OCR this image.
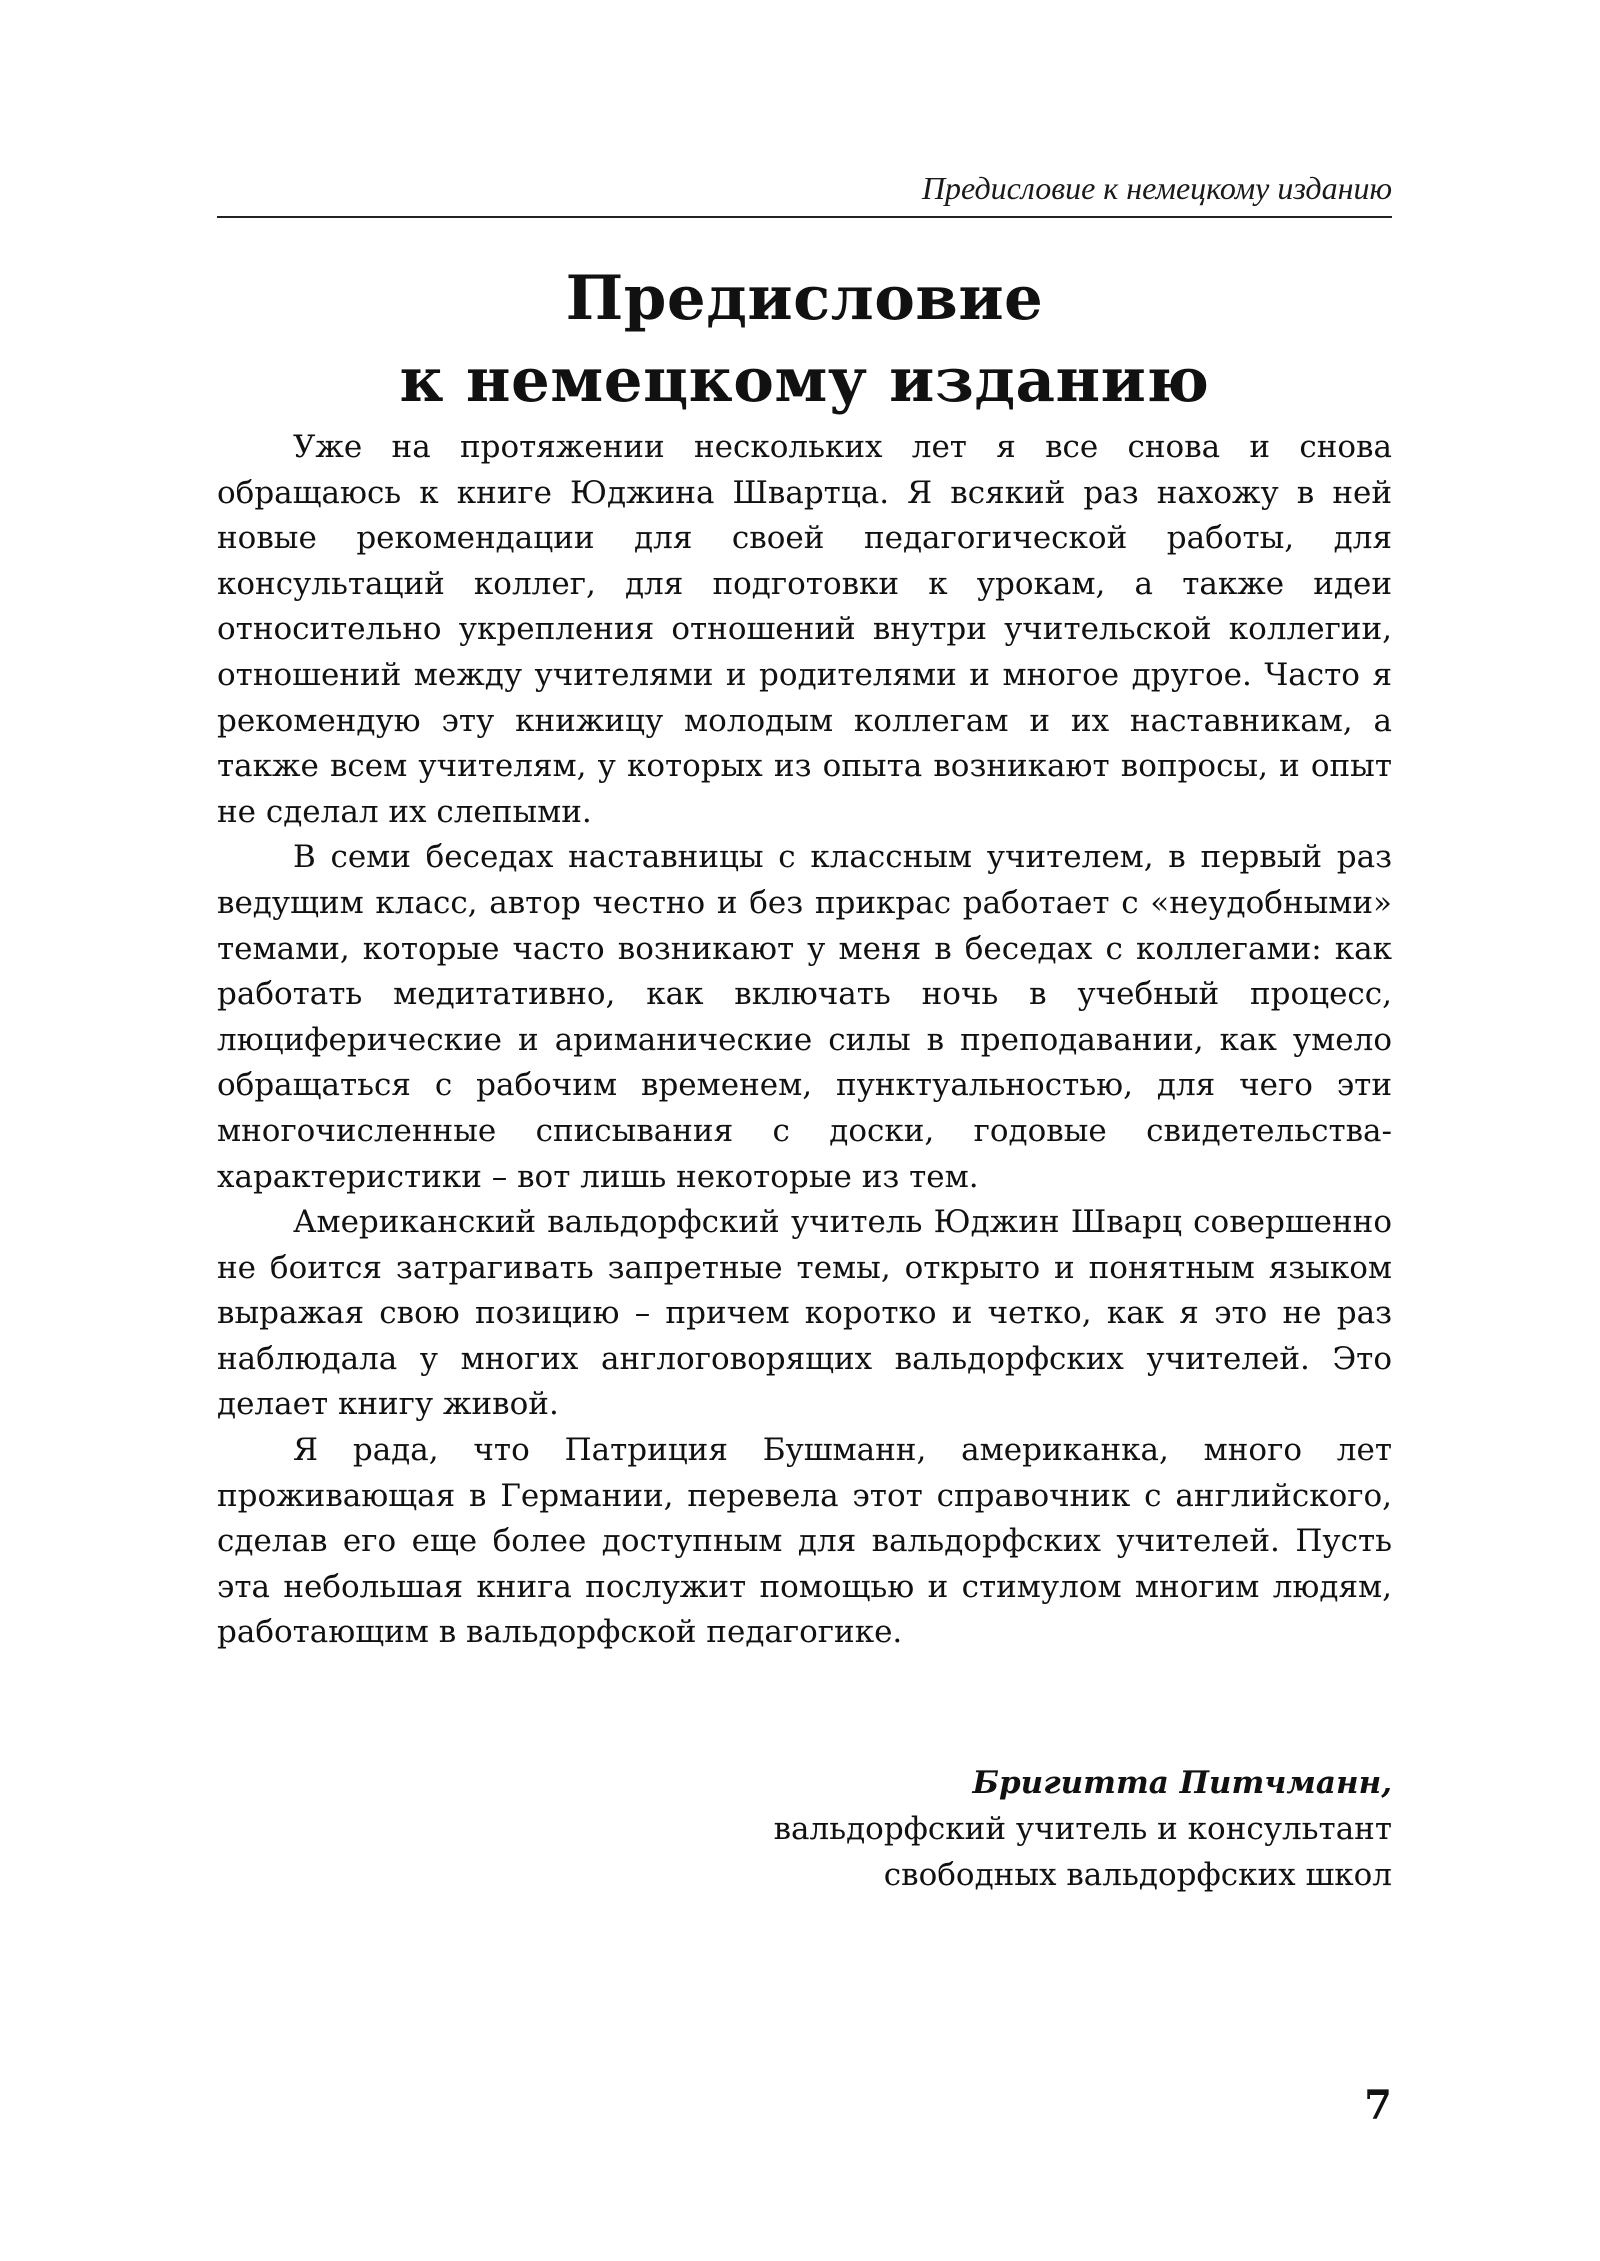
Предисловие к немецкому изданию
Предисловие
к немецкому изданию

Уже на протяжении нескольких лет я все снова и снова обращаюсь к книге Юджина Швартца. Я всякий раз нахожу в ней новые рекомендации для своей педагогической работы, для консультаций коллег, для подготовки к урокам, а также идеи относительно укрепления отношений внутри учительской коллегии, отношений между учителями и родителями и многое другое. Часто я рекомендую эту книжицу молодым коллегам и их наставникам, а также всем учителям, у которых из опыта возникают вопросы, и опыт не сделал их слепыми.

В семи беседах наставницы с классным учителем, в первый раз ведущим класс, автор честно и без прикрас работает с «неудобными» темами, которые часто возникают у меня в беседах с коллегами: как работать медитативно, как включать ночь в учебный процесс, люциферические и ариманические силы в преподавании, как умело обращаться с рабочим временем, пунктуальностью, для чего эти многочисленные списывания с доски, годовые свидетельства-характеристики – вот лишь некоторые из тем.

Американский вальдорфский учитель Юджин Шварц совершенно не боится затрагивать запретные темы, открыто и понятным языком выражая свою позицию – причем коротко и четко, как я это не раз наблюдала у многих англоговорящих вальдорфских учителей. Это делает книгу живой.

Я рада, что Патриция Бушманн, американка, много лет проживающая в Германии, перевела этот справочник с английского, сделав его еще более доступным для вальдорфских учителей. Пусть эта небольшая книга послужит помощью и стимулом многим людям, работающим в вальдорфской педагогике.

Бригитта Питчманн,
вальдорфский учитель и консультант
свободных вальдорфских школ
7
